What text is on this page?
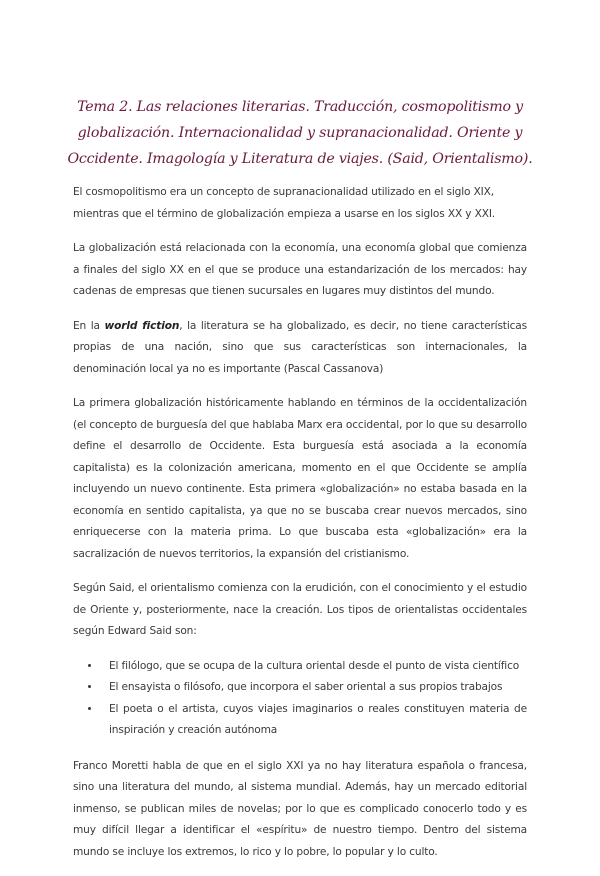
Tema 2. Las relaciones literarias. Traducción, cosmopolitismo y globalización. Internacionalidad y supranacionalidad. Oriente y Occidente. Imagología y Literatura de viajes. (Said, Orientalismo).

El cosmopolitismo era un concepto de supranacionalidad utilizado en el siglo XIX, mientras que el término de globalización empieza a usarse en los siglos XX y XXI.

La globalización está relacionada con la economía, una economía global que comienza a finales del siglo XX en el que se produce una estandarización de los mercados: hay cadenas de empresas que tienen sucursales en lugares muy distintos del mundo.

En la world fiction, la literatura se ha globalizado, es decir, no tiene características propias de una nación, sino que sus características son internacionales, la denominación local ya no es importante (Pascal Cassanova)

La primera globalización históricamente hablando en términos de la occidentalización (el concepto de burguesía del que hablaba Marx era occidental, por lo que su desarrollo define el desarrollo de Occidente. Esta burguesía está asociada a la economía capitalista) es la colonización americana, momento en el que Occidente se amplía incluyendo un nuevo continente. Esta primera «globalización» no estaba basada en la economía en sentido capitalista, ya que no se buscaba crear nuevos mercados, sino enriquecerse con la materia prima. Lo que buscaba esta «globalización» era la sacralización de nuevos territorios, la expansión del cristianismo.

Según Said, el orientalismo comienza con la erudición, con el conocimiento y el estudio de Oriente y, posteriormente, nace la creación. Los tipos de orientalistas occidentales según Edward Said son:

• El filólogo, que se ocupa de la cultura oriental desde el punto de vista científico
• El ensayista o filósofo, que incorpora el saber oriental a sus propios trabajos
• El poeta o el artista, cuyos viajes imaginarios o reales constituyen materia de inspiración y creación autónoma

Franco Moretti habla de que en el siglo XXI ya no hay literatura española o francesa, sino una literatura del mundo, al sistema mundial. Además, hay un mercado editorial inmenso, se publican miles de novelas; por lo que es complicado conocerlo todo y es muy difícil llegar a identificar el «espíritu» de nuestro tiempo. Dentro del sistema mundo se incluye los extremos, lo rico y lo pobre, lo popular y lo culto.
